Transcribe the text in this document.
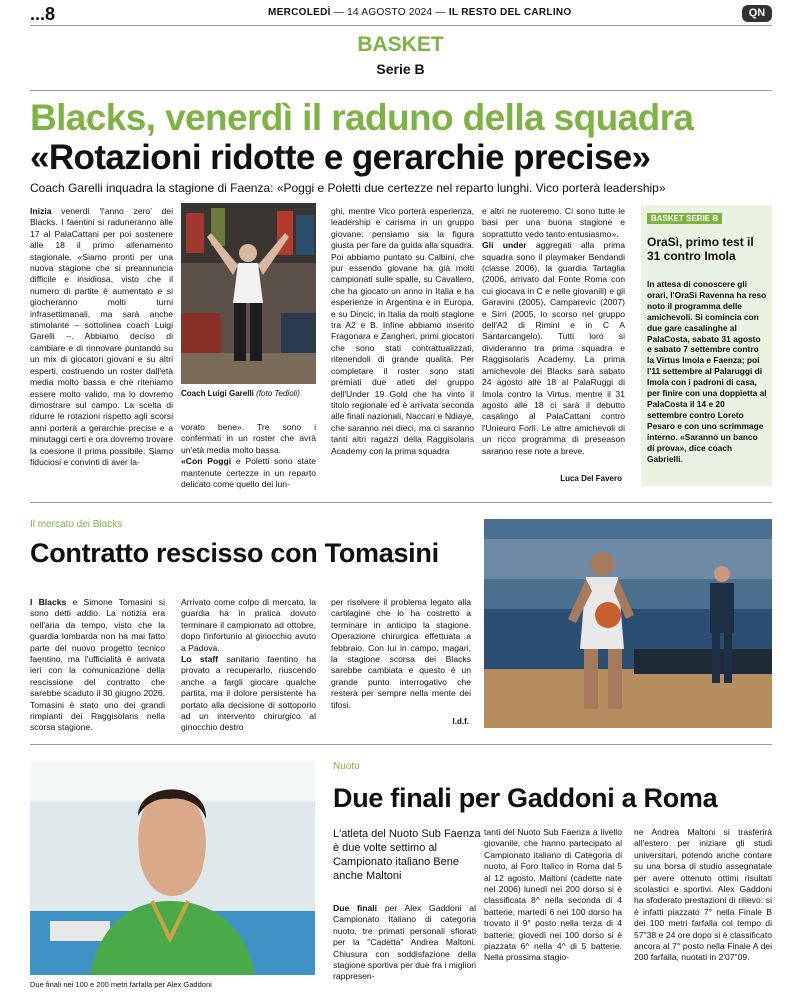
...8	MERCOLEDÌ — 14 AGOSTO 2024 — IL RESTO DEL CARLINO	QN
BASKET
Serie B
Blacks, venerdì il raduno della squadra
«Rotazioni ridotte e gerarchie precise»
Coach Garelli inquadra la stagione di Faenza: «Poggi e Poletti due certezze nel reparto lunghi. Vico porterà leadership»

Inizia venerdì 'l'anno zero' dei Blacks. I faentini si raduneranno alle 17 al PalaCattani per poi sostenere alle 18 il primo allenamento stagionale. «Siamo pronti per una nuova stagione che si preannuncia difficile e insidiosa, visto che il numero di partite è aumentato e si giocheranno molti turni infrasettimanali, ma sarà anche stimolante – sottolinea coach Luigi Garelli –. Abbiamo deciso di cambiare e di rinnovare puntando su un mix di giocatori giovani e su altri esperti, costruendo un roster dall'età media molto bassa e che riteniamo essere molto valido, ma lo dovremo dimostrare sul campo. La scelta di ridurre le rotazioni rispetto agli scorsi anni porterà a gerarchie precise e a minutaggi certi e ora dovremo trovare la coesione il prima possibile. Siamo fiduciosi e convinti di aver la-

Coach Luigi Garelli (foto Tedioli)

vorato bene». Tre sono i confermati in un roster che avrà un'età media molto bassa.

«Con Poggi e Poletti sono state mantenute certezze in un reparto delicato come quello dei lun-

ghi, mentre Vico porterà esperienza, leadership e carisma in un gruppo giovane: pensiamo sia la figura giusta per fare da guida alla squadra. Poi abbiamo puntato su Calbini, che pur essendo giovane ha già molti campionati sulle spalle, su Cavallero, che ha giocato un anno in Italia e ha esperienze in Argentina e in Europa, e su Dincic, in Italia da molti stagione tra A2 e B. Infine abbiamo inserito Fragonara e Zangheri, primi giocatori che sono stati contrattualizzati, ritenendoli di grande qualità. Per completare il roster sono stati premiati due atleti del gruppo dell'Under 19 Gold che ha vinto il titolo regionale ed è arrivata seconda alle finali nazionali, Naccari e Ndiaye, che saranno nei dieci, ma ci saranno tanti altri ragazzi della Raggisolaris Academy con la prima squadra

e altri ne ruoteremo. Ci sono tutte le basi per una buona stagione e soprattutto vedo tanto entusiasmo».
Gli under aggregati alla prima squadra sono il playmaker Bendandi (classe 2006), la guardia Tartaglia (2006, arrivato dal Fonte Roma con cui giocava in C e nelle giovanili) e gli Garavini (2005), Camparevic (2007) e Sirri (2005, lo scorso nel gruppo dell'A2 di Rimini e in C A Santarcangelo). Tutti loro si divideranno tra prima squadra e Raggisolaris Academy. La prima amichevole dei Blacks sarà sabato 24 agosto alle 18 al PalaRuggi di Imola contro la Virtus, mentre il 31 agosto alle 18 ci sarà il debutto casalingo al PalaCattani contro l'Unieuro Forlì. Le altre amichevoli di un ricco programma di preseason saranno rese note a breve.

Luca Del Favero
BASKET SERIE B
OraSì, primo test il 31 contro Imola
In attesa di conoscere gli orari, l'OraSì Ravenna ha reso noto il programma delle amichevoli. Si comincia con due gare casalinghe al PalaCosta, sabato 31 agosto e sabato 7 settembre contro la Virtus Imola e Faenza; poi l'11 settembre al Palaruggi di Imola con i padroni di casa, per finire con una doppietta al PalaCosta il 14 e 20 settembre contro Loreto Pesaro e con uno scrimmage interno. «Saranno un banco di prova», dice coach Gabrielli.
Il mercato dei Blacks
Contratto rescisso con Tomasini

I Blacks e Simone Tomasini si sono detti addio. La notizia era nell'aria da tempo, visto che la guardia lombarda non ha mai fatto parte del nuovo progetto tecnico faentino, ma l'ufficialità è arrivata ieri con la comunicazione della rescissione del contratto che sarebbe scaduto il 30 giugno 2026. Tomasini è stato uno dei grandi rimpianti dei Raggisolaris nella scorsa stagione.

Arrivato come colpo di mercato, la guardia ha in pratica dovuto terminare il campionato ad ottobre, dopo l'infortunio al ginocchio avuto a Padova.

Lo staff sanitario faentino ha provato a recuperarlo, riuscendo anche a fargli giocare qualche partita, ma il dolore persistente ha portato alla decisione di sottoporlo ad un intervento chirurgico al ginocchio destro

per risolvere il problema legato alla cartilagine che lo ha costretto a terminare in anticipo la stagione. Operazione chirurgica effettuata a febbraio. Con lui in campo, magari, la stagione scorsa dei Blacks sarebbe cambiata e questo è un grande punto interrogativo che resterà per sempre nella mente dei tifosi.

l.d.f.
Due finali nei 100 e 200 metri farfalla per Alex Gaddoni
Nuoto
Due finali per Gaddoni a Roma
L'atleta del Nuoto Sub Faenza è due volte settimo al Campionato italiano Bene anche Maltoni

Due finali per Alex Gaddoni al Campionato Italiano di categoria nuoto, tre primati personali sfiorati per la "Cadetta" Andrea Maltoni. Chiusura con soddisfazione della stagione sportiva per due fra i migliori rappresen-

tanti del Nuoto Sub Faenza a livello giovanile, che hanno partecipato al Campionato italiano di Categoria di nuoto, al Foro Italico in Roma dal 5 al 12 agosto. Maltoni (cadette nate nel 2006) lunedì nei 200 dorso si è classificata 8^ nella seconda di 4 batterie; martedì 6 nei 100 dorso ha trovato il 9° posto nella terza di 4 batterie; giovedì nei 100 dorso si è piazzata 6^ nella 4^ di 5 batterie. Nella prossima stagio-

ne Andrea Maltoni si trasferirà all'estero per iniziare gli studi universitari, potendo anche contare su una borsa di studio assegnatale per avere ottenuto ottimi risultati scolastici e sportivi. Alex Gaddoni ha sfoderato prestazioni di rilievo: si è infatti piazzato 7° nella Finale B dei 100 metri farfalla col tempo di 57"38 e 24 ore dopo si è classificato ancora al 7° posto nella Finale A dei 200 farfalla, nuotati in 2'07"09.
